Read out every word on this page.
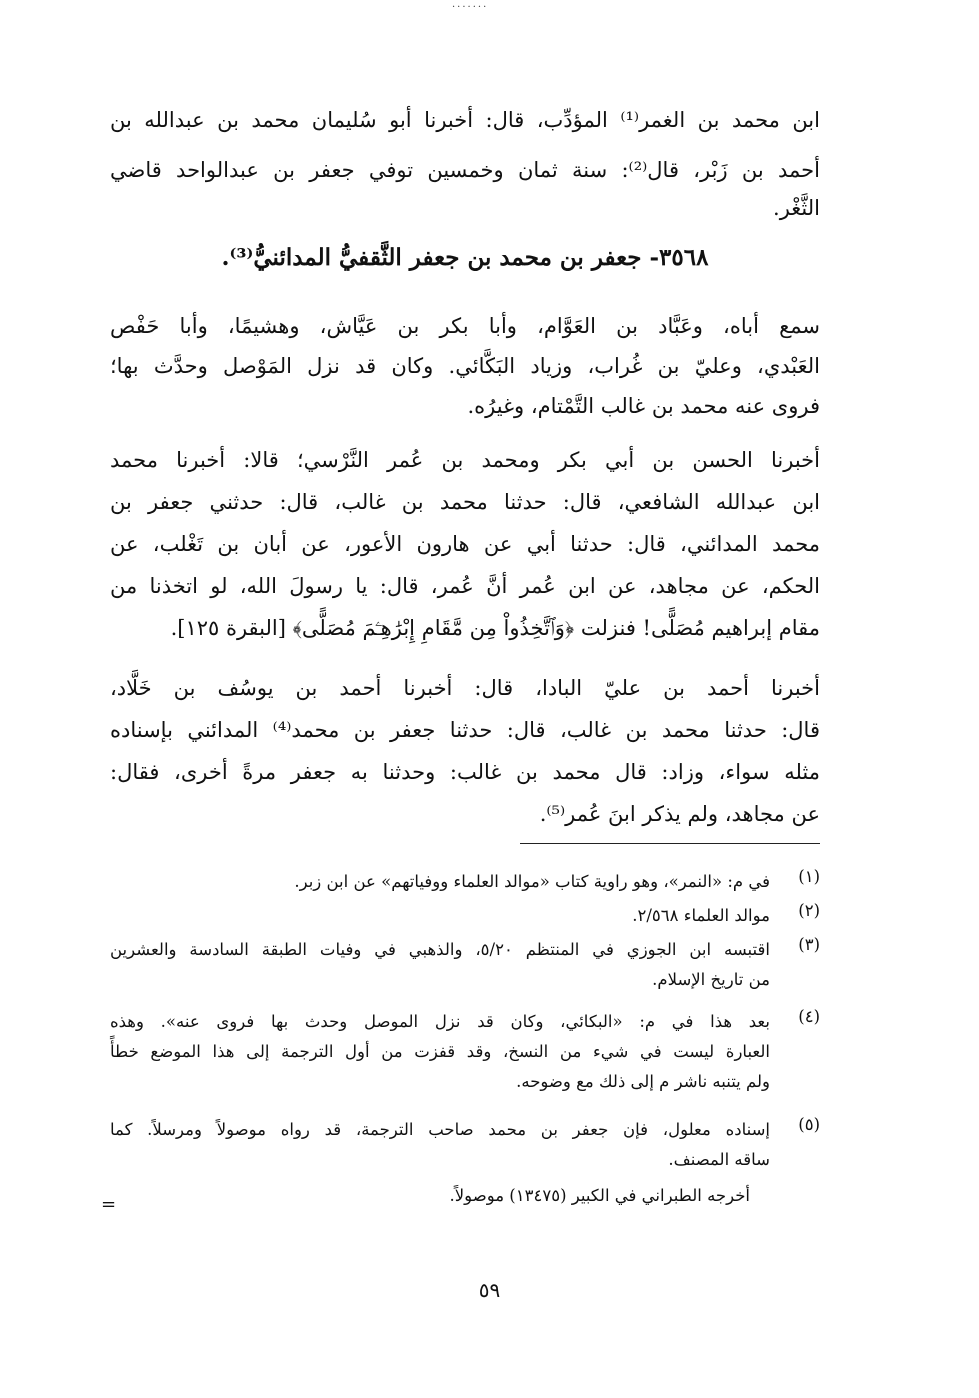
·······
ابن محمد بن الغمر⁽¹⁾ المؤدِّب، قال: أخبرنا أبو سُليمان محمد بن عبدالله بن
أحمد بن زَبْر، قال⁽²⁾: سنة ثمان وخمسين توفي جعفر بن عبدالواحد قاضي
الثَّغْر.
٣٥٦٨- جعفر بن محمد بن جعفر الثَّقفيُّ المدائنيُّ⁽³⁾.
سمع أباه، وعَبَّاد بن العَوَّام، وأبا بكر بن عَيَّاش، وهشيمًا، وأبا حَفْص
العَبْدي، وعليّ بن غُراب، وزياد البَكَّائي. وكان قد نزل المَوْصل وحدَّث بها؛
فروى عنه محمد بن غالب التَّمْتام، وغيرُه.
أخبرنا الحسن بن أبي بكر ومحمد بن عُمر النَّرْسي؛ قالا: أخبرنا محمد
ابن عبدالله الشافعي، قال: حدثنا محمد بن غالب، قال: حدثني جعفر بن
محمد المدائني، قال: حدثنا أبي عن هارون الأعور، عن أبان بن تَغْلب، عن
الحكم، عن مجاهد، عن ابن عُمر أنَّ عُمر، قال: يا رسولَ الله، لو اتخذنا من
مقام إبراهيم مُصَلًّى! فنزلت ﴿وَٱتَّخِذُواْ مِن مَّقَامِ إِبْرَٰهِـۧمَ مُصَلًّى﴾ [البقرة ١٢٥].
أخبرنا أحمد بن عليّ البادا، قال: أخبرنا أحمد بن يوسُف بن خَلَّاد،
قال: حدثنا محمد بن غالب، قال: حدثنا جعفر بن محمد⁽⁴⁾ المدائني بإسناده
مثله سواء، وزاد: قال محمد بن غالب: وحدثنا به جعفر مرةً أخرى، فقال:
عن مجاهد، ولم يذكر ابنَ عُمر⁽⁵⁾.
(١)
في م: «النمر»، وهو راوية كتاب «موالد العلماء ووفياتهم» عن ابن زبر.
(٢)
موالد العلماء ٢/٥٦٨.
(٣)
اقتبسه ابن الجوزي في المنتظم ٥/٢٠، والذهبي في وفيات الطبقة السادسة والعشرين
من تاريخ الإسلام.
(٤)
بعد هذا في م: «البكائي، وكان قد نزل الموصل وحدث بها فروى عنه». وهذه
العبارة ليست في شيء من النسخ، وقد قفزت من أول الترجمة إلى هذا الموضع خطأً
ولم يتنبه ناشر م إلى ذلك مع وضوحه.
(٥)
إسناده معلول، فإن جعفر بن محمد صاحب الترجمة، قد رواه موصولاً ومرسلاً. كما
ساقه المصنف.
أخرجه الطبراني في الكبير (١٣٤٧٥) موصولاً.
=
٥٩
